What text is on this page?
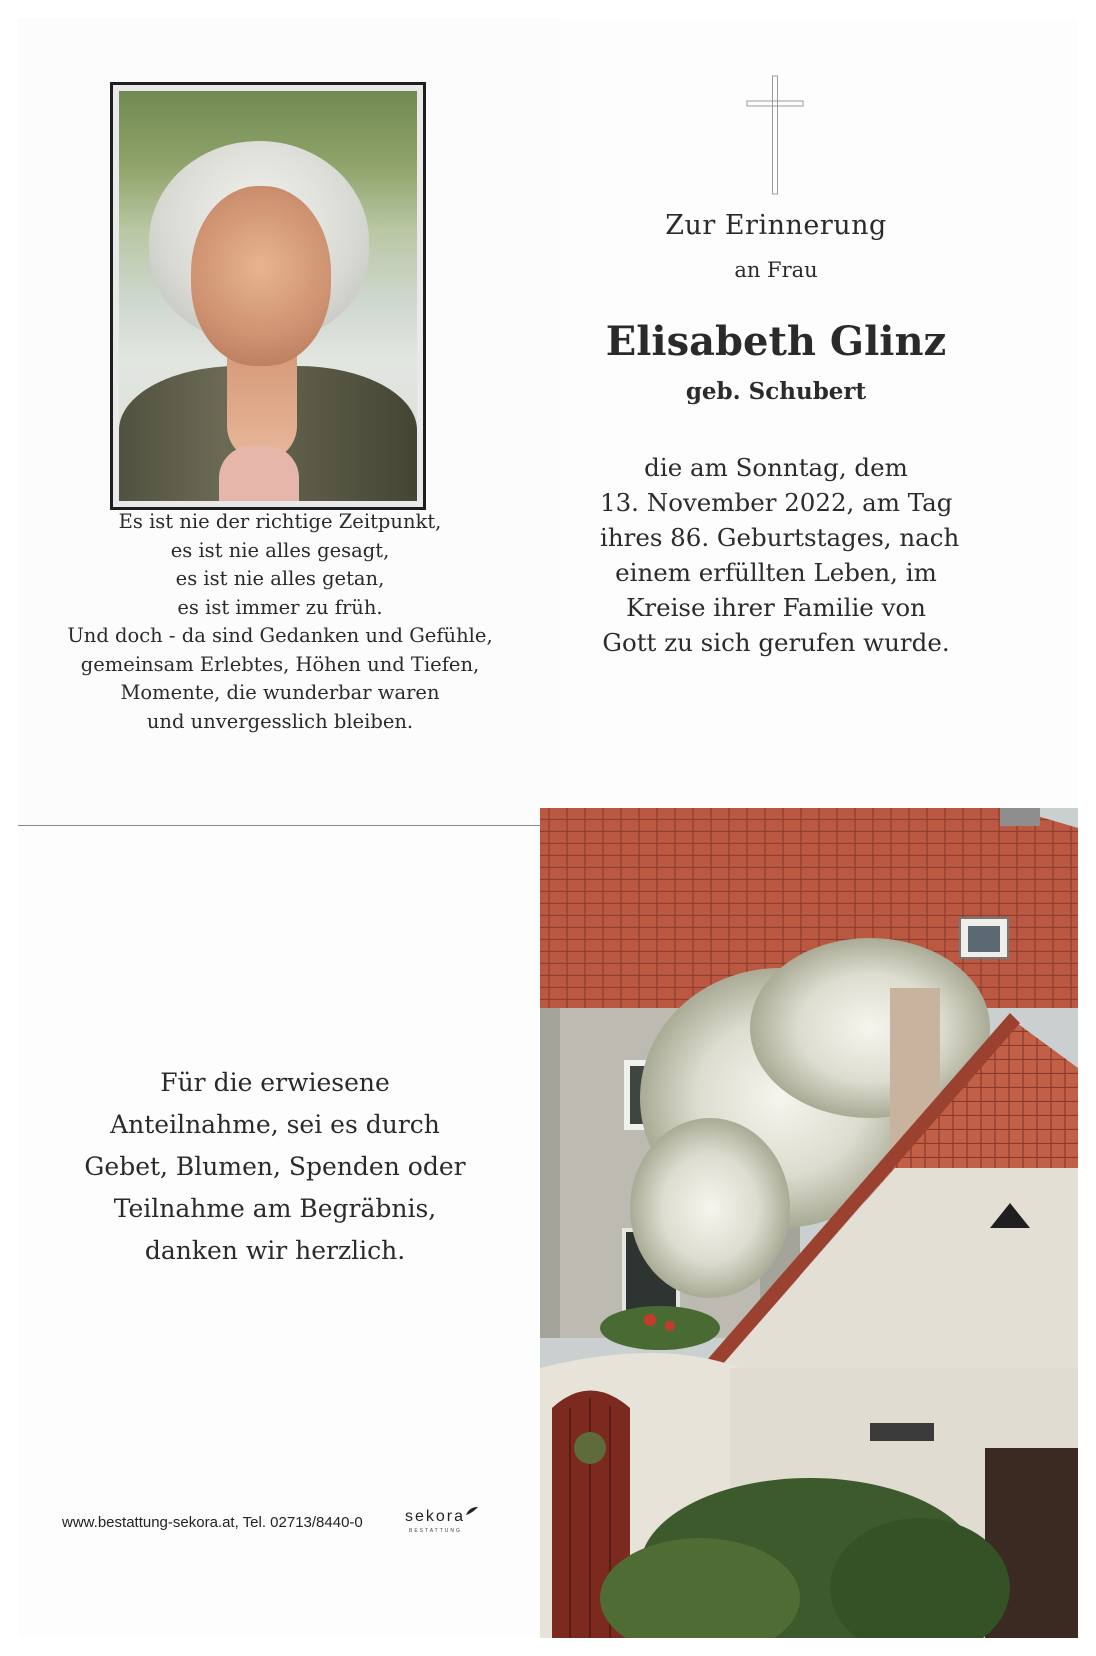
Es ist nie der richtige Zeitpunkt,
es ist nie alles gesagt,
es ist nie alles getan,
es ist immer zu früh.
Und doch - da sind Gedanken und Gefühle,
gemeinsam Erlebtes, Höhen und Tiefen,
Momente, die wunderbar waren
und unvergesslich bleiben.
Zur Erinnerung
an Frau
Elisabeth Glinz
geb. Schubert
die am Sonntag, dem
13. November 2022, am Tag
ihres 86. Geburtstages, nach
einem erfüllten Leben, im
Kreise ihrer Familie von
Gott zu sich gerufen wurde.
Für die erwiesene
Anteilnahme, sei es durch
Gebet, Blumen, Spenden oder
Teilnahme am Begräbnis,
danken wir herzlich.
www.bestattung-sekora.at, Tel. 02713/8440-0	sekora
BESTATTUNG
